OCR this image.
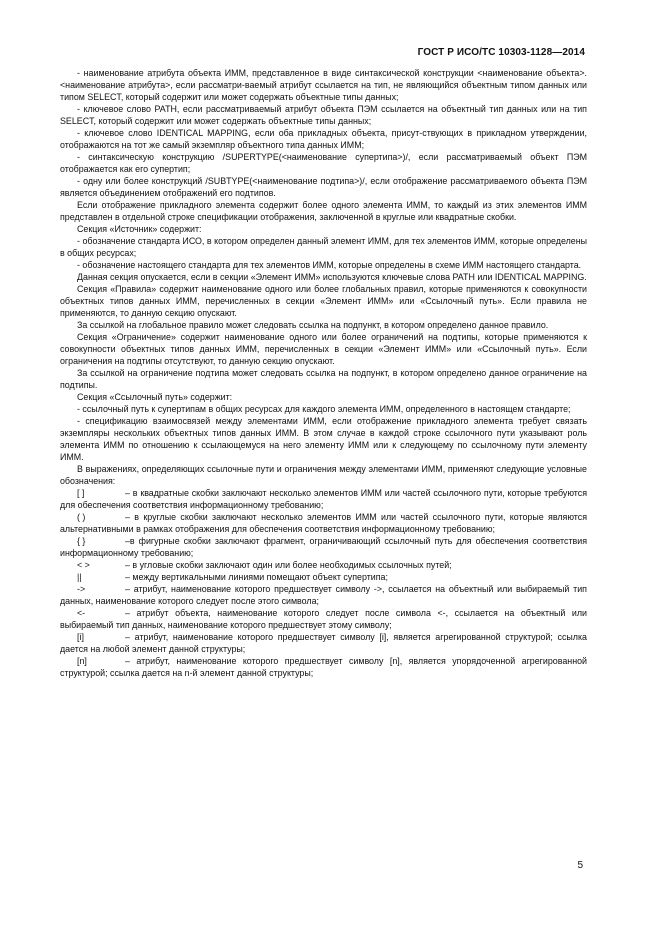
ГОСТ Р ИСО/ТС 10303-1128—2014

- наименование атрибута объекта ИММ, представленное в виде синтаксической конструкции <наименование объекта>.<наименование атрибута>, если рассматри-ваемый атрибут ссылается на тип, не являющийся объектным типом данных или типом SELECT, который содержит или может содержать объектные типы данных;

- ключевое слово PATH, если рассматриваемый атрибут объекта ПЭМ ссылается на объектный тип данных или на тип SELECT, который содержит или может содержать объектные типы данных;

- ключевое слово IDENTICAL MAPPING, если оба прикладных объекта, присут-ствующих в прикладном утверждении, отображаются на тот же самый экземпляр объектного типа данных ИММ;

- синтаксическую конструкцию /SUPERTYPE(<наименование супертипа>)/, если рассматриваемый объект ПЭМ отображается как его супертип;

- одну или более конструкций /SUBTYPE(<наименование подтипа>)/, если отображение рассматриваемого объекта ПЭМ является объединением отображений его подтипов.

Если отображение прикладного элемента содержит более одного элемента ИММ, то каждый из этих элементов ИММ представлен в отдельной строке спецификации отображения, заключенной в круглые или квадратные скобки.

Секция «Источник» содержит:

- обозначение стандарта ИСО, в котором определен данный элемент ИММ, для тех элементов ИММ, которые определены в общих ресурсах;

- обозначение настоящего стандарта для тех элементов ИММ, которые определены в схеме ИММ настоящего стандарта.

Данная секция опускается, если в секции «Элемент ИММ» используются ключевые слова PATH или IDENTICAL MAPPING.

Секция «Правила» содержит наименование одного или более глобальных правил, которые применяются к совокупности объектных типов данных ИММ, перечисленных в секции «Элемент ИММ» или «Ссылочный путь». Если правила не применяются, то данную секцию опускают.

За ссылкой на глобальное правило может следовать ссылка на подпункт, в котором определено данное правило.

Секция «Ограничение» содержит наименование одного или более ограничений на подтипы, которые применяются к совокупности объектных типов данных ИММ, перечисленных в секции «Элемент ИММ» или «Ссылочный путь». Если ограничения на подтипы отсутствуют, то данную секцию опускают.

За ссылкой на ограничение подтипа может следовать ссылка на подпункт, в котором определено данное ограничение на подтипы.

Секция «Ссылочный путь» содержит:

- ссылочный путь к супертипам в общих ресурсах для каждого элемента ИММ, определенного в настоящем стандарте;

- спецификацию взаимосвязей между элементами ИММ, если отображение прикладного элемента требует связать экземпляры нескольких объектных типов данных ИММ. В этом случае в каждой строке ссылочного пути указывают роль элемента ИММ по отношению к ссылающемуся на него элементу ИММ или к следующему по ссылочному пути элементу ИММ.

В выражениях, определяющих ссылочные пути и ограничения между элементами ИММ, применяют следующие условные обозначения:

[ ]	– в квадратные скобки заключают несколько элементов ИММ или частей ссылочного пути, которые требуются для обеспечения соответствия информационному требованию;

( )	– в круглые скобки заключают несколько элементов ИММ или частей ссылочного пути, которые являются альтернативными в рамках отображения для обеспечения соответствия информационному требованию;

{ }	–в фигурные скобки заключают фрагмент, ограничивающий ссылочный путь для обеспечения соответствия информационному требованию;

< >	– в угловые скобки заключают один или более необходимых ссылочных путей;

||	– между вертикальными линиями помещают объект супертипа;

->	– атрибут, наименование которого предшествует символу ->, ссылается на объектный или выбираемый тип данных, наименование которого следует после этого символа;

<-	– атрибут объекта, наименование которого следует после символа <-, ссылается на объектный или выбираемый тип данных, наименование которого предшествует этому символу;

[i]	– атрибут, наименование которого предшествует символу [i], является агрегированной структурой; ссылка дается на любой элемент данной структуры;

[n]	– атрибут, наименование которого предшествует символу [n], является упорядоченной агрегированной структурой; ссылка дается на n-й элемент данной структуры;

5
